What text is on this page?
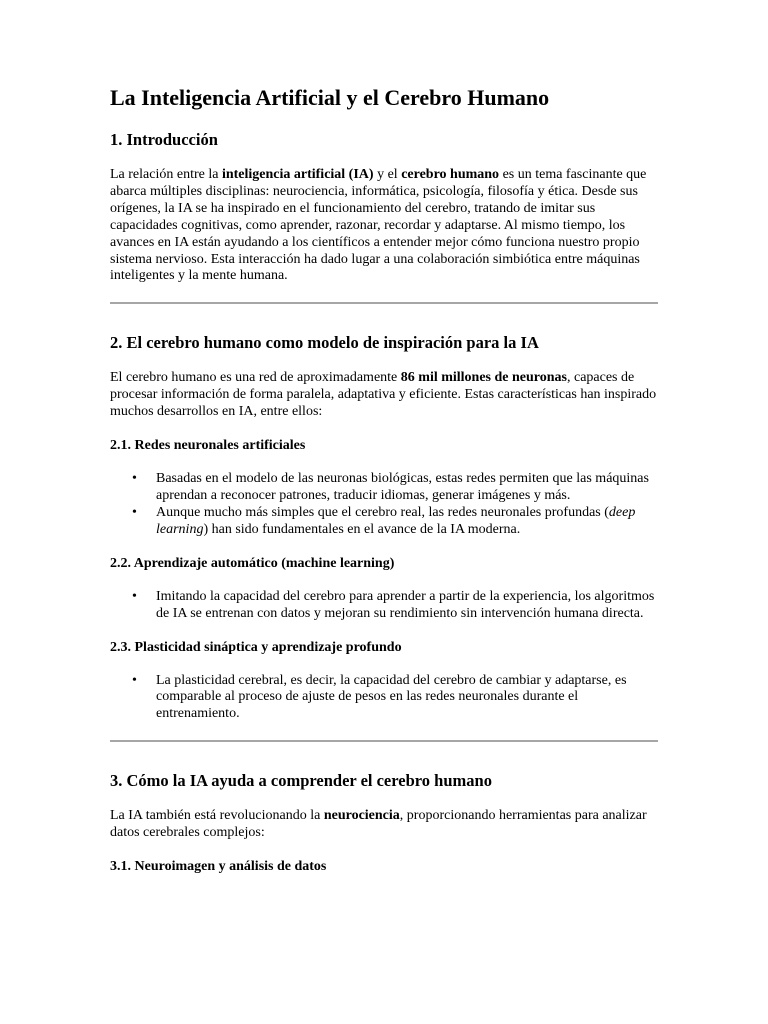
La Inteligencia Artificial y el Cerebro Humano
1. Introducción

La relación entre la inteligencia artificial (IA) y el cerebro humano es un tema fascinante que abarca múltiples disciplinas: neurociencia, informática, psicología, filosofía y ética. Desde sus orígenes, la IA se ha inspirado en el funcionamiento del cerebro, tratando de imitar sus capacidades cognitivas, como aprender, razonar, recordar y adaptarse. Al mismo tiempo, los avances en IA están ayudando a los científicos a entender mejor cómo funciona nuestro propio sistema nervioso. Esta interacción ha dado lugar a una colaboración simbiótica entre máquinas inteligentes y la mente humana.

2. El cerebro humano como modelo de inspiración para la IA

El cerebro humano es una red de aproximadamente 86 mil millones de neuronas, capaces de procesar información de forma paralela, adaptativa y eficiente. Estas características han inspirado muchos desarrollos en IA, entre ellos:

2.1. Redes neuronales artificiales
• Basadas en el modelo de las neuronas biológicas, estas redes permiten que las máquinas aprendan a reconocer patrones, traducir idiomas, generar imágenes y más.
• Aunque mucho más simples que el cerebro real, las redes neuronales profundas (deep learning) han sido fundamentales en el avance de la IA moderna.
2.2. Aprendizaje automático (machine learning)
• Imitando la capacidad del cerebro para aprender a partir de la experiencia, los algoritmos de IA se entrenan con datos y mejoran su rendimiento sin intervención humana directa.
2.3. Plasticidad sináptica y aprendizaje profundo
• La plasticidad cerebral, es decir, la capacidad del cerebro de cambiar y adaptarse, es comparable al proceso de ajuste de pesos en las redes neuronales durante el entrenamiento.
3. Cómo la IA ayuda a comprender el cerebro humano

La IA también está revolucionando la neurociencia, proporcionando herramientas para analizar datos cerebrales complejos:

3.1. Neuroimagen y análisis de datos
